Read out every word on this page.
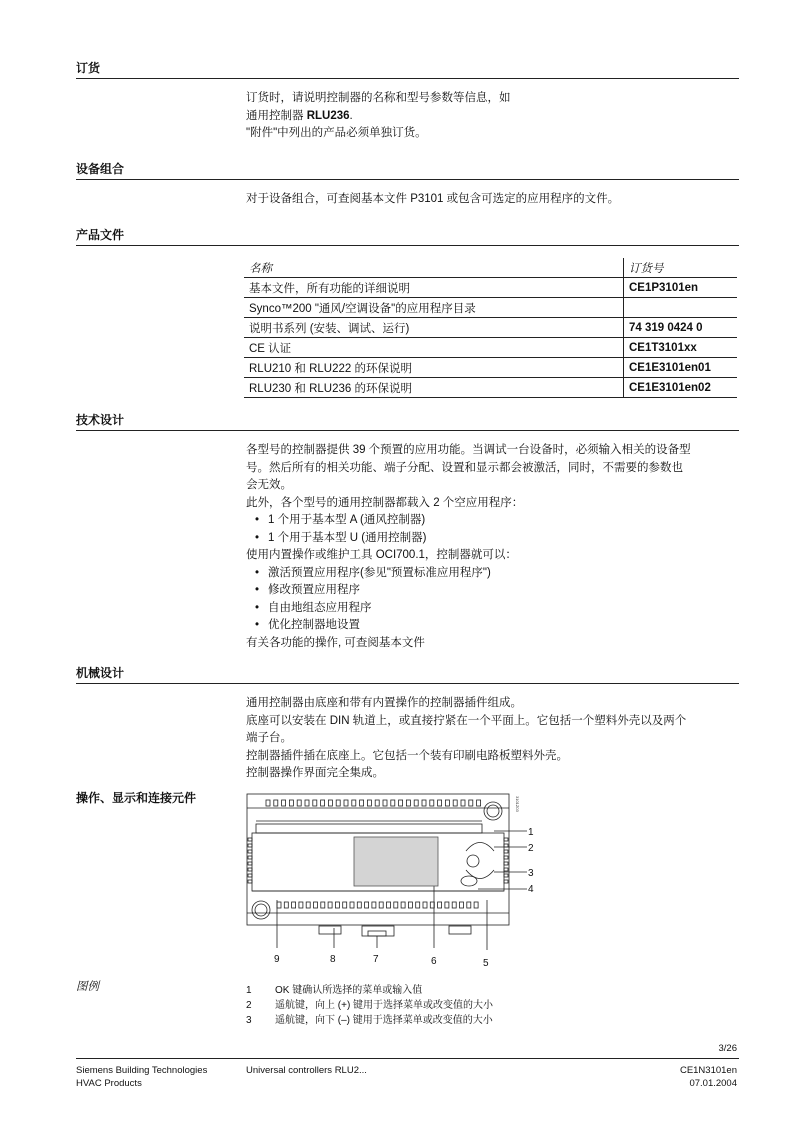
订货

订货时，请说明控制器的名称和型号参数等信息，如

通用控制器 RLU236.

"附件"中列出的产品必须单独订货。

设备组合
对于设备组合，可查阅基本文件 P3101 或包含可选定的应用程序的文件。
产品文件
名称	订货号
基本文件，所有功能的详细说明	CE1P3101en
Synco™200 "通风/空调设备"的应用程序目录	
说明书系列 (安装、调试、运行)	74 319 0424 0
CE 认证	CE1T3101xx
RLU210 和 RLU222 的环保说明	CE1E3101en01
RLU230 和 RLU236 的环保说明	CE1E3101en02
技术设计

各型号的控制器提供 39 个预置的应用功能。当调试一台设备时，必须输入相关的设备型

号。然后所有的相关功能、端子分配、设置和显示都会被激活，同时，不需要的参数也

会无效。

此外，各个型号的通用控制器都载入 2 个空应用程序：

• 1 个用于基本型 A (通风控制器)
• 1 个用于基本型 U (通用控制器)

使用内置操作或维护工具 OCI700.1，控制器就可以：

• 激活预置应用程序(参见"预置标准应用程序")
• 修改预置应用程序
• 自由地组态应用程序
• 优化控制器地设置

有关各功能的操作, 可查阅基本文件

机械设计

通用控制器由底座和带有内置操作的控制器插件组成。

底座可以安装在 DIN 轨道上，或直接拧紧在一个平面上。它包括一个塑料外壳以及两个

端子台。

控制器插件插在底座上。它包括一个装有印刷电路板塑料外壳。

控制器操作界面完全集成。

操作、显示和连接元件
1
2
3
4
5
6
7
8
9
3101Z03
图例	1 OK 键确认所选择的菜单或输入值
2 遥航键，向上 (+) 键用于选择菜单或改变值的大小
3 遥航键，向下 (–) 键用于选择菜单或改变值的大小
3/26
Siemens Building Technologies
HVAC Products
Universal controllers RLU2...	CE1N3101en
07.01.2004
